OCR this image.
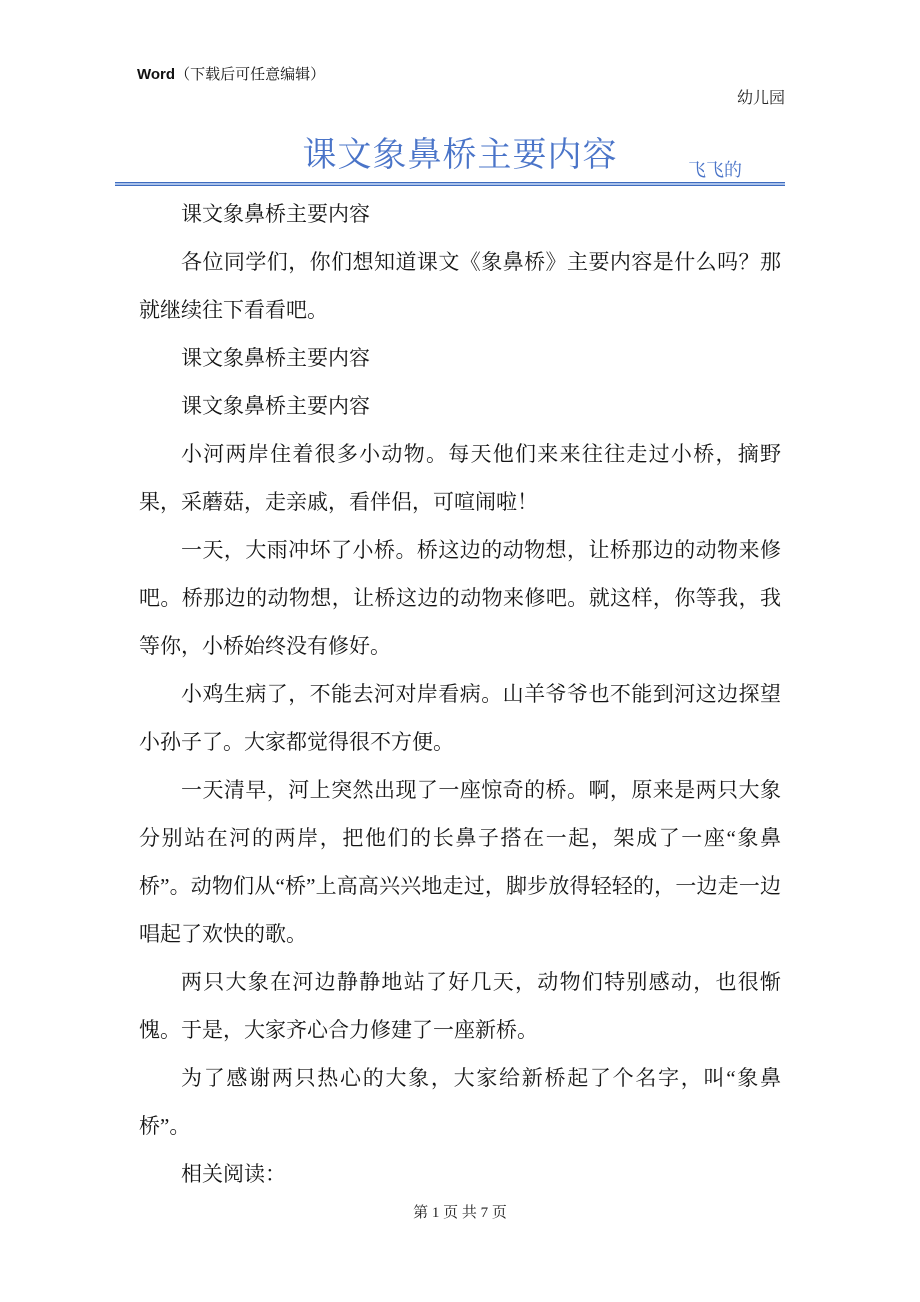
Word（下载后可任意编辑）
幼儿园
课文象鼻桥主要内容	飞飞的

课文象鼻桥主要内容

各位同学们，你们想知道课文《象鼻桥》主要内容是什么吗？那就继续往下看看吧。

课文象鼻桥主要内容

课文象鼻桥主要内容

小河两岸住着很多小动物。每天他们来来往往走过小桥，摘野果，采蘑菇，走亲戚，看伴侣，可喧闹啦！

一天，大雨冲坏了小桥。桥这边的动物想，让桥那边的动物来修吧。桥那边的动物想，让桥这边的动物来修吧。就这样，你等我，我等你，小桥始终没有修好。

小鸡生病了，不能去河对岸看病。山羊爷爷也不能到河这边探望小孙子了。大家都觉得很不方便。

一天清早，河上突然出现了一座惊奇的桥。啊，原来是两只大象分别站在河的两岸，把他们的长鼻子搭在一起，架成了一座“象鼻桥”。动物们从“桥”上高高兴兴地走过，脚步放得轻轻的，一边走一边唱起了欢快的歌。

两只大象在河边静静地站了好几天，动物们特别感动，也很惭愧。于是，大家齐心合力修建了一座新桥。

为了感谢两只热心的大象，大家给新桥起了个名字，叫“象鼻桥”。

相关阅读：

第 1 页 共 7 页
